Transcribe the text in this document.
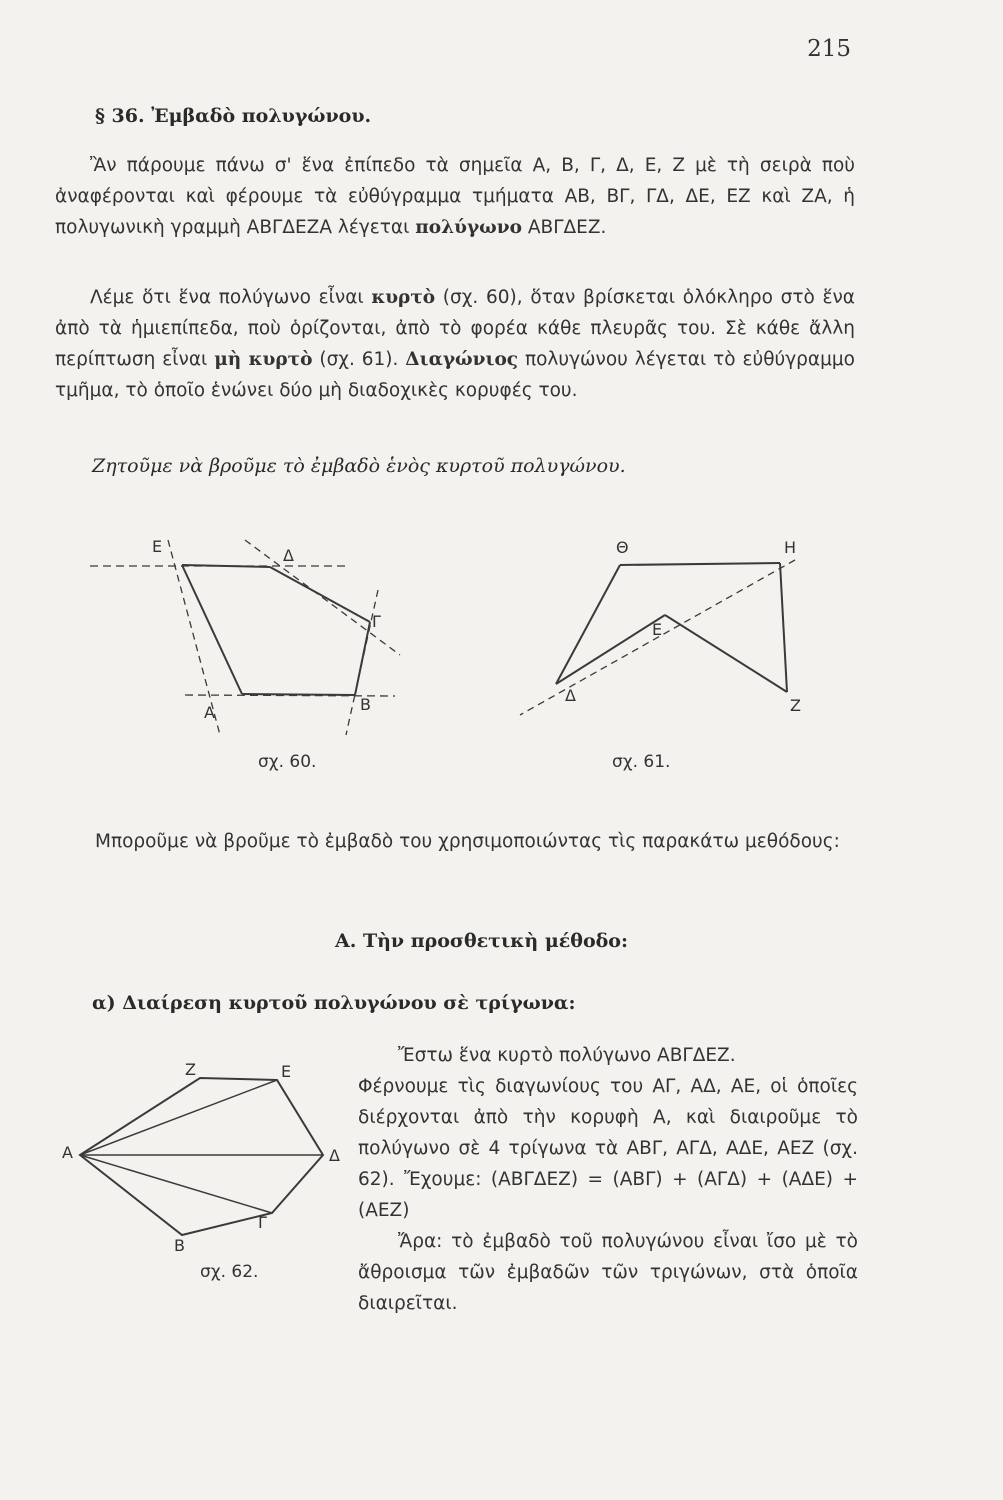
215
§ 36. Ἐμβαδὸ πολυγώνου.
Ἂν πάρουμε πάνω σ' ἕνα ἐπίπεδο τὰ σημεῖα Α, Β, Γ, Δ, Ε, Ζ μὲ τὴ σειρὰ ποὺ ἀναφέρονται καὶ φέρουμε τὰ εὐθύγραμμα τμήματα ΑΒ, ΒΓ, ΓΔ, ΔΕ, ΕΖ καὶ ΖΑ, ἡ πολυγωνικὴ γραμμὴ ΑΒΓΔΕΖΑ λέγεται πολύγωνο ΑΒΓΔΕΖ.
Λέμε ὅτι ἕνα πολύγωνο εἶναι κυρτὸ (σχ. 60), ὅταν βρίσκεται ὁλόκληρο στὸ ἕνα ἀπὸ τὰ ἡμιεπίπεδα, ποὺ ὁρίζονται, ἀπὸ τὸ φορέα κάθε πλευρᾶς του. Σὲ κάθε ἄλλη περίπτωση εἶναι μὴ κυρτὸ (σχ. 61). Διαγώνιος πολυγώνου λέγεται τὸ εὐθύγραμμο τμῆμα, τὸ ὁποῖο ἑνώνει δύο μὴ διαδοχικὲς κορυφές του.
Ζητοῦμε νὰ βροῦμε τὸ ἐμβαδὸ ἑνὸς κυρτοῦ πολυγώνου.
Ε	Δ
Γ
Β
Α
σχ. 60.
Θ	Η
Ε
Δ
Ζ
σχ. 61.
Μποροῦμε νὰ βροῦμε τὸ ἐμβαδὸ του χρησιμοποιώντας τὶς παρακάτω μεθόδους:
Α. Τὴν προσθετικὴ μέθοδο:
α) Διαίρεση κυρτοῦ πολυγώνου σὲ τρίγωνα:
Ζ	Ε
Α	Δ
Γ
Β
σχ. 62.
Ἔστω ἕνα κυρτὸ πολύγωνο ΑΒΓΔΕΖ.
Φέρνουμε τὶς διαγωνίους του ΑΓ, ΑΔ, ΑΕ, οἱ ὁποῖες διέρχονται ἀπὸ τὴν κορυφὴ Α, καὶ διαιροῦμε τὸ πολύγωνο σὲ 4 τρίγωνα τὰ ΑΒΓ, ΑΓΔ, ΑΔΕ, ΑΕΖ (σχ. 62). Ἔχουμε: (ΑΒΓΔΕΖ) = (ΑΒΓ) + (ΑΓΔ) + (ΑΔΕ) + (ΑΕΖ)
Ἄρα: τὸ ἐμβαδὸ τοῦ πολυγώνου εἶναι ἴσο μὲ τὸ ἄθροισμα τῶν ἐμβαδῶν τῶν τριγώνων, στὰ ὁποῖα διαιρεῖται.
